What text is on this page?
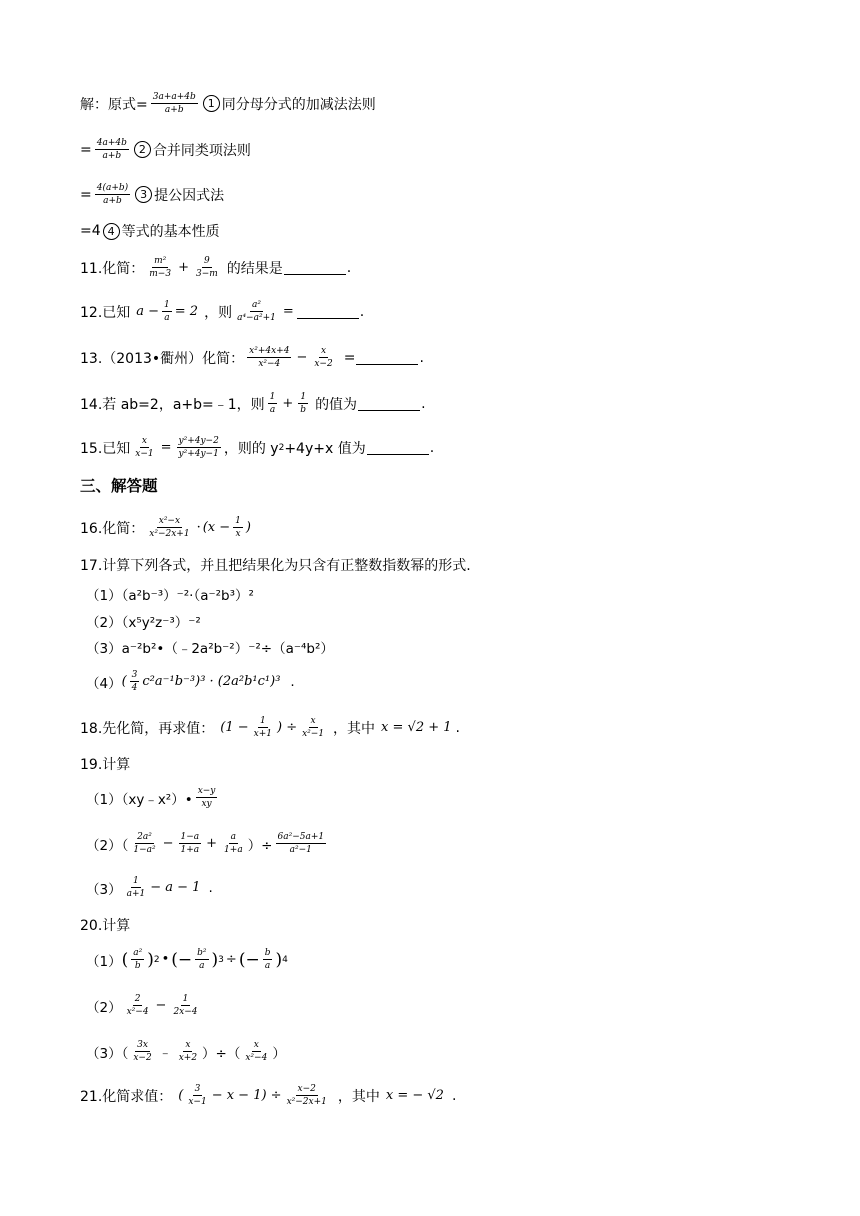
解：原式= $\frac{3a+a+4b}{a+b} 1$ 同分母分式的加减法法则
= $\frac{4a+4b}{a+b} 2$ 合并同类项法则
= $\frac{4(a+b)}{a+b} 3$ 提公因式法
=4 4 等式的基本性质
11.化简： $\frac{\text{m²}}{m-3} + \frac{9}{3-m}$ 的结果是	.
12.已知 $a - \frac{1}{a} = 2$ ，则 $\frac{\text{a²}}{\text{a⁴−a²+1}}$ =	.
13.（2013•衢州）化简： $\frac{\text{x²+4x+4}}{\text{x²−4}} - \frac{x}{x-2}$ =	.
14.若 ab=2，a+b=﹣1，则 $\frac{1}{a} + \frac{1}{b}$ 的值为	.
15.已知 $\frac{x}{x-1} = \frac{\text{y²+4y−2}}{\text{y²+4y−1}}$ ，则的 y 2 +4y+x 值为	.
三、解答题
16.化简： $\frac{\text{x²−x}}{\text{x²−2x+1}} \cdot (x - \frac{1}{x}$ )
17.计算下列各式，并且把结果化为只含有正整数指数幂的形式.
（1）（a²b⁻³）⁻²·（a⁻²b³）²
（2）（x⁵y²z⁻³）⁻²
（3）a⁻²b²•（﹣2a²b⁻²）⁻²÷（a⁻⁴b²）
（4） ( $\frac{3}{4} c^2a^{-1}b^{-3})^3 \cdot (2a^2b^1c^1)^3$ .
18.先化简，再求值： ($1 - \frac{1}{x+1}$ ) ÷ $\frac{x}{\text{x²−1}}$ ，其中 x = √2 + 1 .
19.计算
（1）（xy﹣x²）• $\frac{x-y}{xy}$
$(2)( \frac{\text{2a²}}{\text{1−a²}} - \frac{1-a}{1+a} + \frac{a}{1+a}$ ）÷ $\frac{\text{6a²−5a+1}}{\text{a²−1}}$
$(3) \frac{1}{a+1} - a - 1$ .
20.计算
（1） ( $\frac{\text{a²}}{b}$ ) 2 • (− $\frac{\text{b²}}{a}$ ) 3 ÷ (− $\frac{b}{a}$ ) 4
$(2) \frac{2}{\text{x²−4}} - \frac{1}{2x-4}$
$(3)( \frac{3x}{x-2}$ ﹣ $\frac{x}{x+2}$ ）÷（ $\frac{x}{\text{x²−4}}$ ）
21.化简求值： ( $\frac{3}{x-1} - x - 1) \div \frac{x-2}{\text{x²−2x+1}}$ ，其中 x = − √2 .
